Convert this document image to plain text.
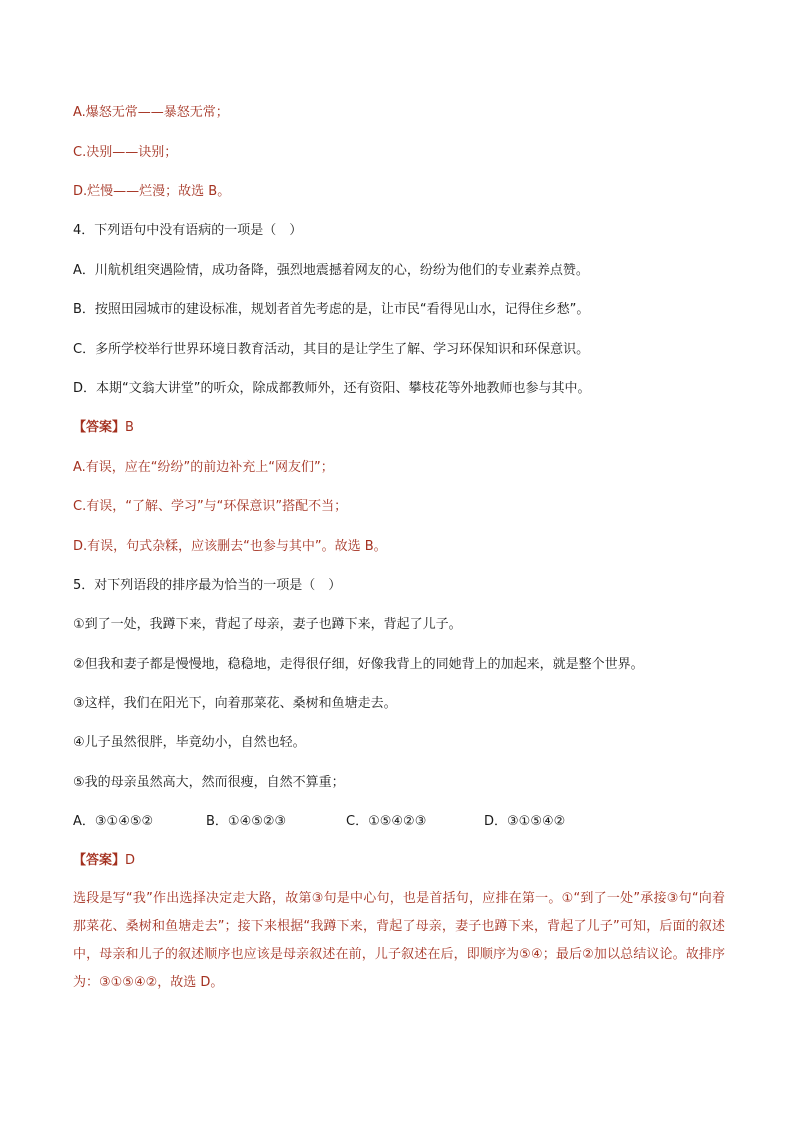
A.爆怒无常——暴怒无常；
C.决别——诀别；
D.烂慢——烂漫；故选 B。
4．下列语句中没有语病的一项是（　）
A．川航机组突遇险情，成功备降，强烈地震撼着网友的心，纷纷为他们的专业素养点赞。
B．按照田园城市的建设标准，规划者首先考虑的是，让市民“看得见山水，记得住乡愁”。
C．多所学校举行世界环境日教育活动，其目的是让学生了解、学习环保知识和环保意识。
D．本期“文翁大讲堂”的听众，除成都教师外，还有资阳、攀枝花等外地教师也参与其中。
【答案】B
A.有误，应在“纷纷”的前边补充上“网友们”；
C.有误，“了解、学习”与“环保意识”搭配不当；
D.有误，句式杂糅，应该删去“也参与其中”。故选 B。
5．对下列语段的排序最为恰当的一项是（　）
①到了一处，我蹲下来，背起了母亲，妻子也蹲下来，背起了儿子。
②但我和妻子都是慢慢地，稳稳地，走得很仔细，好像我背上的同她背上的加起来，就是整个世界。
③这样，我们在阳光下，向着那菜花、桑树和鱼塘走去。
④儿子虽然很胖，毕竟幼小，自然也轻。
⑤我的母亲虽然高大，然而很瘦，自然不算重；
A．③①④⑤②	B．①④⑤②③	C．①⑤④②③	D．③①⑤④②
【答案】D
选段是写“我”作出选择决定走大路，故第③句是中心句，也是首括句，应排在第一。①“到了一处”承接③句“向着那菜花、桑树和鱼塘走去”；接下来根据“我蹲下来，背起了母亲，妻子也蹲下来，背起了儿子”可知，后面的叙述中，母亲和儿子的叙述顺序也应该是母亲叙述在前，儿子叙述在后，即顺序为⑤④；最后②加以总结议论。故排序为：③①⑤④②，故选 D。
